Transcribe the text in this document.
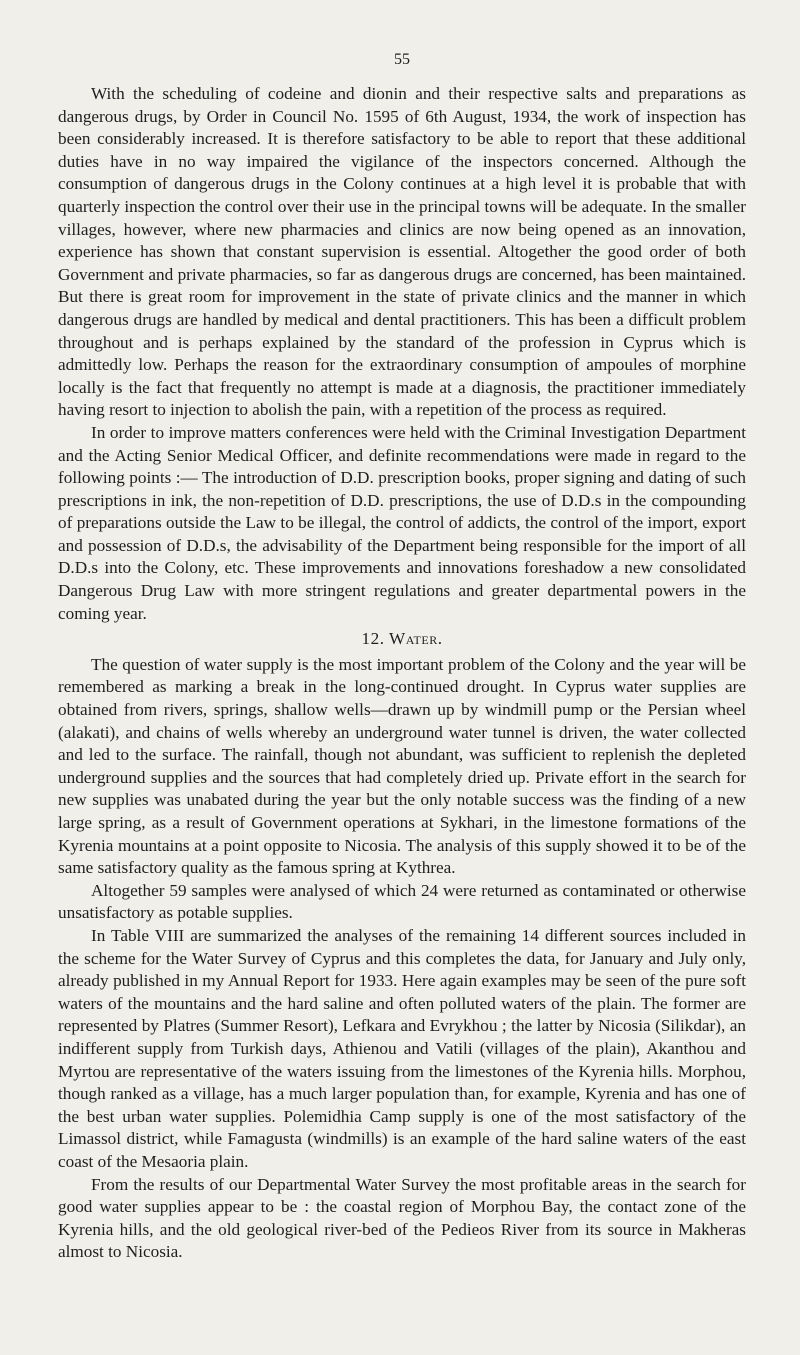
55

With the scheduling of codeine and dionin and their respective salts and preparations as dangerous drugs, by Order in Council No. 1595 of 6th August, 1934, the work of inspection has been considerably increased. It is therefore satisfactory to be able to report that these additional duties have in no way impaired the vigilance of the inspectors concerned. Although the consumption of dangerous drugs in the Colony continues at a high level it is probable that with quarterly inspection the control over their use in the principal towns will be adequate. In the smaller villages, however, where new pharmacies and clinics are now being opened as an innovation, experience has shown that constant supervision is essential. Altogether the good order of both Government and private pharmacies, so far as dangerous drugs are concerned, has been maintained. But there is great room for improvement in the state of private clinics and the manner in which dangerous drugs are handled by medical and dental practitioners. This has been a difficult problem throughout and is perhaps explained by the standard of the profession in Cyprus which is admittedly low. Perhaps the reason for the extraordinary consumption of ampoules of morphine locally is the fact that frequently no attempt is made at a diagnosis, the practitioner immediately having resort to injection to abolish the pain, with a repetition of the process as required.

In order to improve matters conferences were held with the Criminal Investigation Department and the Acting Senior Medical Officer, and definite recommendations were made in regard to the following points :— The introduction of D.D. prescription books, proper signing and dating of such prescriptions in ink, the non-repetition of D.D. prescriptions, the use of D.D.s in the compounding of preparations outside the Law to be illegal, the control of addicts, the control of the import, export and possession of D.D.s, the advisability of the Department being responsible for the import of all D.D.s into the Colony, etc. These improvements and innovations foreshadow a new consolidated Dangerous Drug Law with more stringent regulations and greater departmental powers in the coming year.

12. Water.

The question of water supply is the most important problem of the Colony and the year will be remembered as marking a break in the long-continued drought. In Cyprus water supplies are obtained from rivers, springs, shallow wells—drawn up by windmill pump or the Persian wheel (alakati), and chains of wells whereby an underground water tunnel is driven, the water collected and led to the surface. The rainfall, though not abundant, was sufficient to replenish the depleted underground supplies and the sources that had completely dried up. Private effort in the search for new supplies was unabated during the year but the only notable success was the finding of a new large spring, as a result of Government operations at Sykhari, in the limestone formations of the Kyrenia mountains at a point opposite to Nicosia. The analysis of this supply showed it to be of the same satisfactory quality as the famous spring at Kythrea.

Altogether 59 samples were analysed of which 24 were returned as contaminated or otherwise unsatisfactory as potable supplies.

In Table VIII are summarized the analyses of the remaining 14 different sources included in the scheme for the Water Survey of Cyprus and this completes the data, for January and July only, already published in my Annual Report for 1933. Here again examples may be seen of the pure soft waters of the mountains and the hard saline and often polluted waters of the plain. The former are represented by Platres (Summer Resort), Lefkara and Evrykhou ; the latter by Nicosia (Silikdar), an indifferent supply from Turkish days, Athienou and Vatili (villages of the plain), Akanthou and Myrtou are representative of the waters issuing from the limestones of the Kyrenia hills. Morphou, though ranked as a village, has a much larger population than, for example, Kyrenia and has one of the best urban water supplies. Polemidhia Camp supply is one of the most satisfactory of the Limassol district, while Famagusta (windmills) is an example of the hard saline waters of the east coast of the Mesaoria plain.

From the results of our Departmental Water Survey the most profitable areas in the search for good water supplies appear to be : the coastal region of Morphou Bay, the contact zone of the Kyrenia hills, and the old geological river-bed of the Pedieos River from its source in Makheras almost to Nicosia.
